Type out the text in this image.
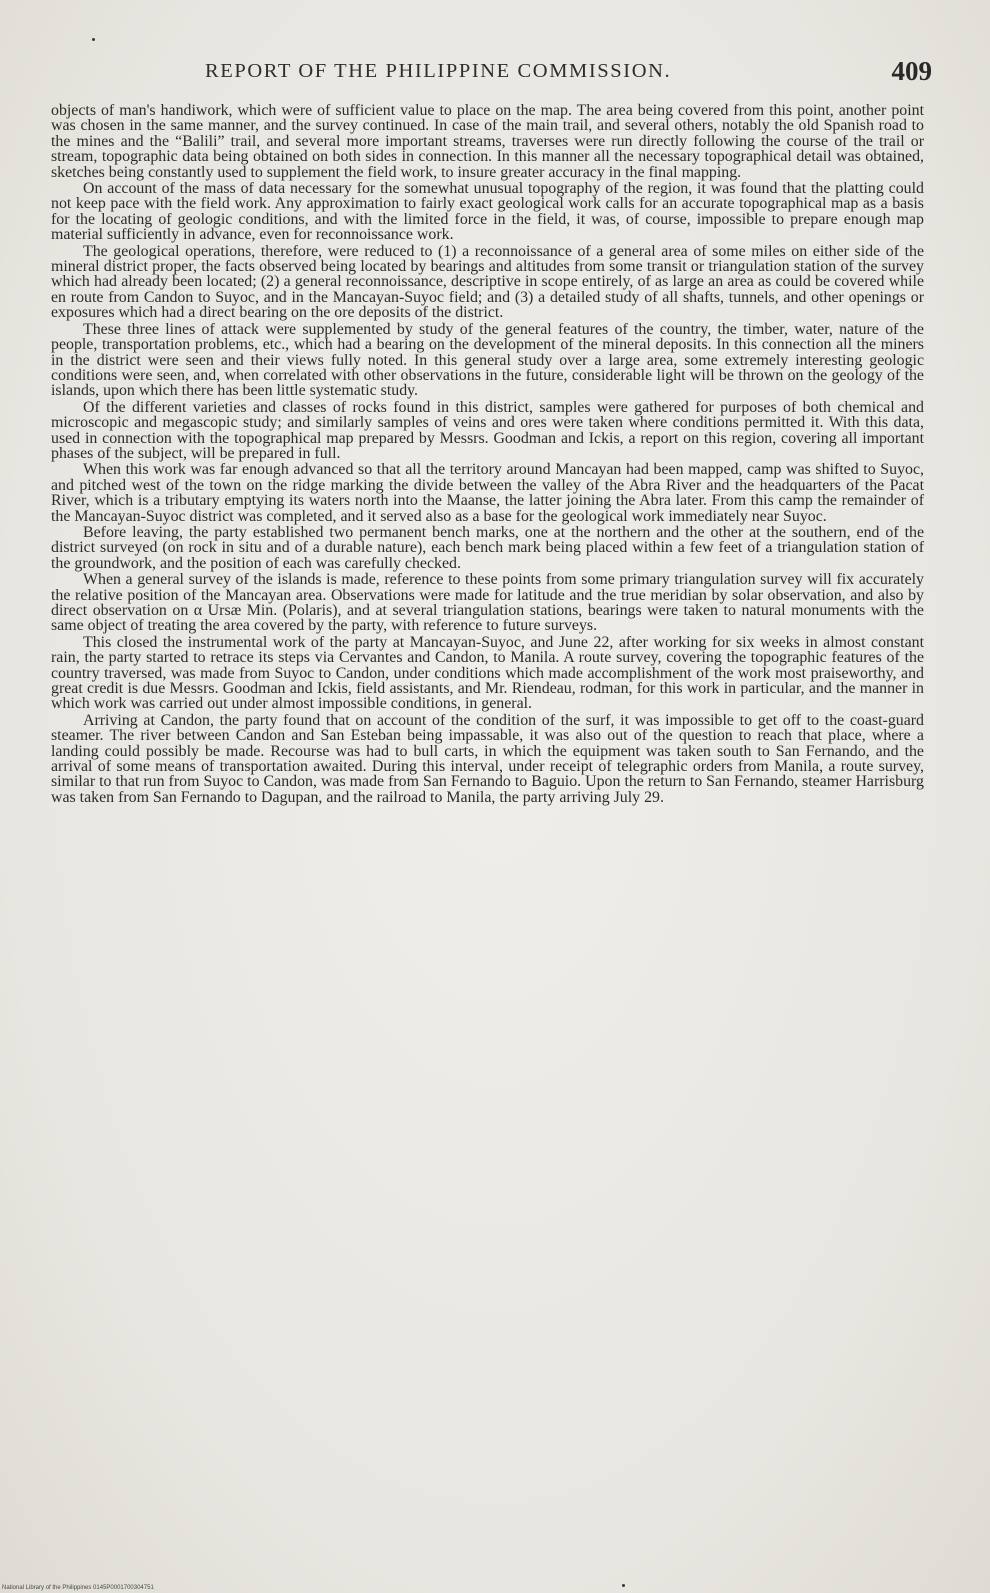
REPORT OF THE PHILIPPINE COMMISSION.	409

objects of man's handiwork, which were of sufficient value to place on the map. The area being covered from this point, another point was chosen in the same manner, and the survey continued. In case of the main trail, and several others, notably the old Spanish road to the mines and the “Balili” trail, and several more important streams, traverses were run directly following the course of the trail or stream, topographic data being obtained on both sides in connection. In this manner all the necessary topographical detail was obtained, sketches being constantly used to supplement the field work, to insure greater accuracy in the final mapping.

On account of the mass of data necessary for the somewhat unusual topography of the region, it was found that the platting could not keep pace with the field work. Any approximation to fairly exact geological work calls for an accurate topographical map as a basis for the locating of geologic conditions, and with the limited force in the field, it was, of course, impossible to prepare enough map material sufficiently in advance, even for reconnoissance work.

The geological operations, therefore, were reduced to (1) a reconnoissance of a general area of some miles on either side of the mineral district proper, the facts observed being located by bearings and altitudes from some transit or triangulation station of the survey which had already been located; (2) a general reconnoissance, descriptive in scope entirely, of as large an area as could be covered while en route from Candon to Suyoc, and in the Mancayan-Suyoc field; and (3) a detailed study of all shafts, tunnels, and other openings or exposures which had a direct bearing on the ore deposits of the district.

These three lines of attack were supplemented by study of the general features of the country, the timber, water, nature of the people, transportation problems, etc., which had a bearing on the development of the mineral deposits. In this connection all the miners in the district were seen and their views fully noted. In this general study over a large area, some extremely interesting geologic conditions were seen, and, when correlated with other observations in the future, considerable light will be thrown on the geology of the islands, upon which there has been little systematic study.

Of the different varieties and classes of rocks found in this district, samples were gathered for purposes of both chemical and microscopic and megascopic study; and similarly samples of veins and ores were taken where conditions permitted it. With this data, used in connection with the topographical map prepared by Messrs. Goodman and Ickis, a report on this region, covering all important phases of the subject, will be prepared in full.

When this work was far enough advanced so that all the territory around Mancayan had been mapped, camp was shifted to Suyoc, and pitched west of the town on the ridge marking the divide between the valley of the Abra River and the headquarters of the Pacat River, which is a tributary emptying its waters north into the Maanse, the latter joining the Abra later. From this camp the remainder of the Mancayan-Suyoc district was completed, and it served also as a base for the geological work immediately near Suyoc.

Before leaving, the party established two permanent bench marks, one at the northern and the other at the southern, end of the district surveyed (on rock in situ and of a durable nature), each bench mark being placed within a few feet of a triangulation station of the groundwork, and the position of each was carefully checked.

When a general survey of the islands is made, reference to these points from some primary triangulation survey will fix accurately the relative position of the Mancayan area. Observations were made for latitude and the true meridian by solar observation, and also by direct observation on α Ursæ Min. (Polaris), and at several triangulation stations, bearings were taken to natural monuments with the same object of treating the area covered by the party, with reference to future surveys.

This closed the instrumental work of the party at Mancayan-Suyoc, and June 22, after working for six weeks in almost constant rain, the party started to retrace its steps via Cervantes and Candon, to Manila. A route survey, covering the topographic features of the country traversed, was made from Suyoc to Candon, under conditions which made accomplishment of the work most praiseworthy, and great credit is due Messrs. Goodman and Ickis, field assistants, and Mr. Riendeau, rodman, for this work in particular, and the manner in which work was carried out under almost impossible conditions, in general.

Arriving at Candon, the party found that on account of the condition of the surf, it was impossible to get off to the coast-guard steamer. The river between Candon and San Esteban being impassable, it was also out of the question to reach that place, where a landing could possibly be made. Recourse was had to bull carts, in which the equipment was taken south to San Fernando, and the arrival of some means of transportation awaited. During this interval, under receipt of telegraphic orders from Manila, a route survey, similar to that run from Suyoc to Candon, was made from San Fernando to Baguio. Upon the return to San Fernando, steamer Harrisburg was taken from San Fernando to Dagupan, and the railroad to Manila, the party arriving July 29.

National Library of the Philippines 0145P0001700304751
